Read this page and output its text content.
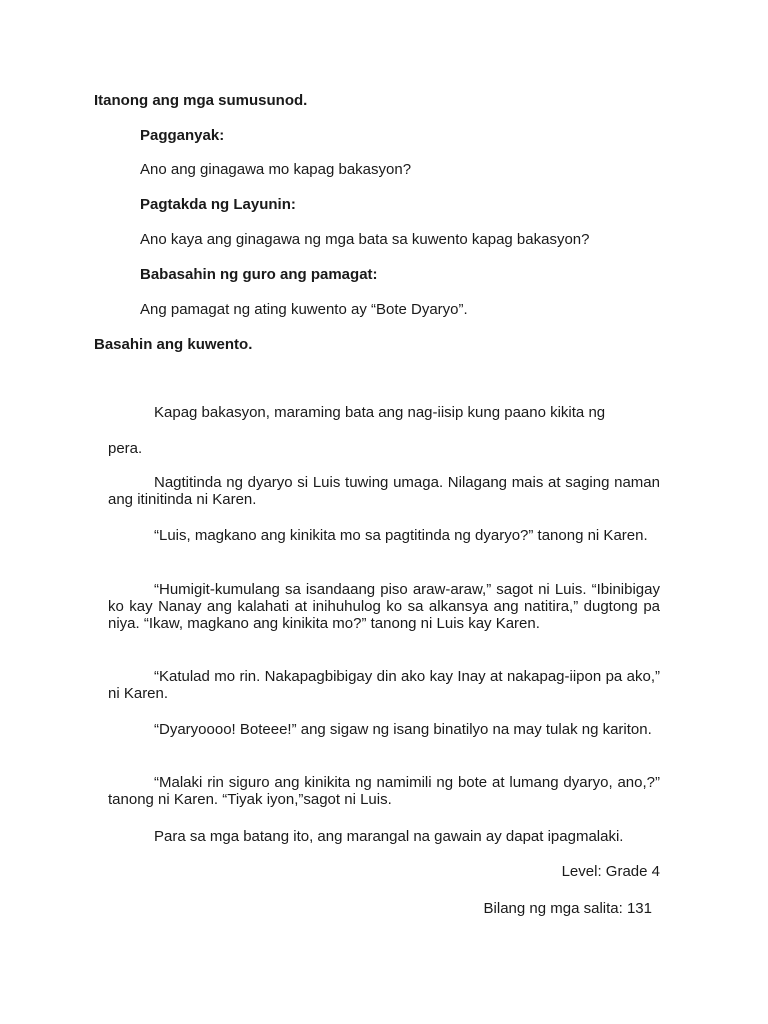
Itanong ang mga sumusunod.

Pagganyak:

Ano ang ginagawa mo kapag bakasyon?

Pagtakda ng Layunin:

Ano kaya ang ginagawa ng mga bata sa kuwento kapag bakasyon?

Babasahin ng guro ang pamagat:

Ang pamagat ng ating kuwento ay “Bote Dyaryo”.

Basahin ang kuwento.

Kapag bakasyon, maraming bata ang nag-iisip kung paano kikita ng

pera.

Nagtitinda ng dyaryo si Luis tuwing umaga. Nilagang mais at saging naman ang itinitinda ni Karen.

“Luis, magkano ang kinikita mo sa pagtitinda ng dyaryo?” tanong ni Karen.

“Humigit-kumulang sa isandaang piso araw-araw,” sagot ni Luis. “Ibinibigay ko kay Nanay ang kalahati at inihuhulog ko sa alkansya ang natitira,” dugtong pa niya. “Ikaw, magkano ang kinikita mo?” tanong ni Luis kay Karen.

“Katulad mo rin. Nakapagbibigay din ako kay Inay at nakapag-iipon pa ako,” ni Karen.

“Dyaryoooo! Boteee!” ang sigaw ng isang binatilyo na may tulak ng kariton.

“Malaki rin siguro ang kinikita ng namimili ng bote at lumang dyaryo, ano,?” tanong ni Karen. “Tiyak iyon,”sagot ni Luis.

Para sa mga batang ito, ang marangal na gawain ay dapat ipagmalaki.

Level: Grade 4

Bilang ng mga salita: 131
